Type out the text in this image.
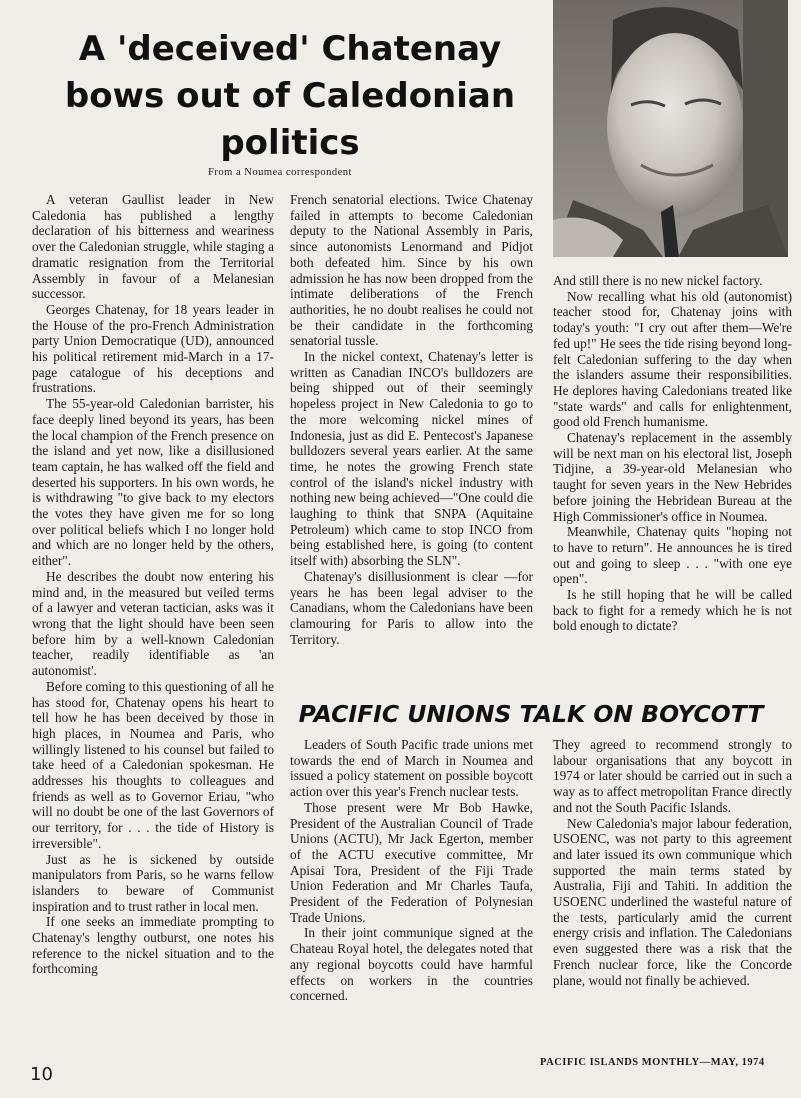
A 'deceived' Chatenay bows out of Caledonian politics
From a Noumea correspondent

A veteran Gaullist leader in New Caledonia has published a lengthy declaration of his bitterness and weariness over the Caledonian struggle, while staging a dramatic resignation from the Territorial Assembly in favour of a Melanesian successor.

Georges Chatenay, for 18 years leader in the House of the pro-French Administration party Union Democratique (UD), announced his political retirement mid-March in a 17-page catalogue of his deceptions and frustrations.

The 55-year-old Caledonian barrister, his face deeply lined beyond its years, has been the local champion of the French presence on the island and yet now, like a disillusioned team captain, he has walked off the field and deserted his supporters. In his own words, he is withdrawing "to give back to my electors the votes they have given me for so long over political beliefs which I no longer hold and which are no longer held by the others, either".

He describes the doubt now entering his mind and, in the measured but veiled terms of a lawyer and veteran tactician, asks was it wrong that the light should have been seen before him by a well-known Caledonian teacher, readily identifiable as 'an autonomist'.

Before coming to this questioning of all he has stood for, Chatenay opens his heart to tell how he has been deceived by those in high places, in Noumea and Paris, who willingly listened to his counsel but failed to take heed of a Caledonian spokesman. He addresses his thoughts to colleagues and friends as well as to Governor Eriau, "who will no doubt be one of the last Governors of our territory, for . . . the tide of History is irreversible".

Just as he is sickened by outside manipulators from Paris, so he warns fellow islanders to beware of Communist inspiration and to trust rather in local men.

If one seeks an immediate prompting to Chatenay's lengthy outburst, one notes his reference to the nickel situation and to the forthcoming

French senatorial elections. Twice Chatenay failed in attempts to become Caledonian deputy to the National Assembly in Paris, since autonomists Lenormand and Pidjot both defeated him. Since by his own admission he has now been dropped from the intimate deliberations of the French authorities, he no doubt realises he could not be their candidate in the forthcoming senatorial tussle.

In the nickel context, Chatenay's letter is written as Canadian INCO's bulldozers are being shipped out of their seemingly hopeless project in New Caledonia to go to the more welcoming nickel mines of Indonesia, just as did E. Pentecost's Japanese bulldozers several years earlier. At the same time, he notes the growing French state control of the island's nickel industry with nothing new being achieved—"One could die laughing to think that SNPA (Aquitaine Petroleum) which came to stop INCO from being established here, is going (to content itself with) absorbing the SLN".

Chatenay's disillusionment is clear —for years he has been legal adviser to the Canadians, whom the Caledonians have been clamouring for Paris to allow into the Territory.

And still there is no new nickel factory.

Now recalling what his old (autonomist) teacher stood for, Chatenay joins with today's youth: "I cry out after them—We're fed up!" He sees the tide rising beyond long-felt Caledonian suffering to the day when the islanders assume their responsibilities. He deplores having Caledonians treated like "state wards" and calls for enlightenment, good old French humanisme.

Chatenay's replacement in the assembly will be next man on his electoral list, Joseph Tidjine, a 39-year-old Melanesian who taught for seven years in the New Hebrides before joining the Hebridean Bureau at the High Commissioner's office in Noumea.

Meanwhile, Chatenay quits "hoping not to have to return". He announces he is tired out and going to sleep . . . "with one eye open".

Is he still hoping that he will be called back to fight for a remedy which he is not bold enough to dictate?

PACIFIC UNIONS TALK ON BOYCOTT

Leaders of South Pacific trade unions met towards the end of March in Noumea and issued a policy statement on possible boycott action over this year's French nuclear tests.

Those present were Mr Bob Hawke, President of the Australian Council of Trade Unions (ACTU), Mr Jack Egerton, member of the ACTU executive committee, Mr Apisai Tora, President of the Fiji Trade Union Federation and Mr Charles Taufa, President of the Federation of Polynesian Trade Unions.

In their joint communique signed at the Chateau Royal hotel, the delegates noted that any regional boycotts could have harmful effects on workers in the countries concerned.

They agreed to recommend strongly to labour organisations that any boycott in 1974 or later should be carried out in such a way as to affect metropolitan France directly and not the South Pacific Islands.

New Caledonia's major labour federation, USOENC, was not party to this agreement and later issued its own communique which supported the main terms stated by Australia, Fiji and Tahiti. In addition the USOENC underlined the wasteful nature of the tests, particularly amid the current energy crisis and inflation. The Caledonians even suggested there was a risk that the French nuclear force, like the Concorde plane, would not finally be achieved.

10
PACIFIC ISLANDS MONTHLY—MAY, 1974
